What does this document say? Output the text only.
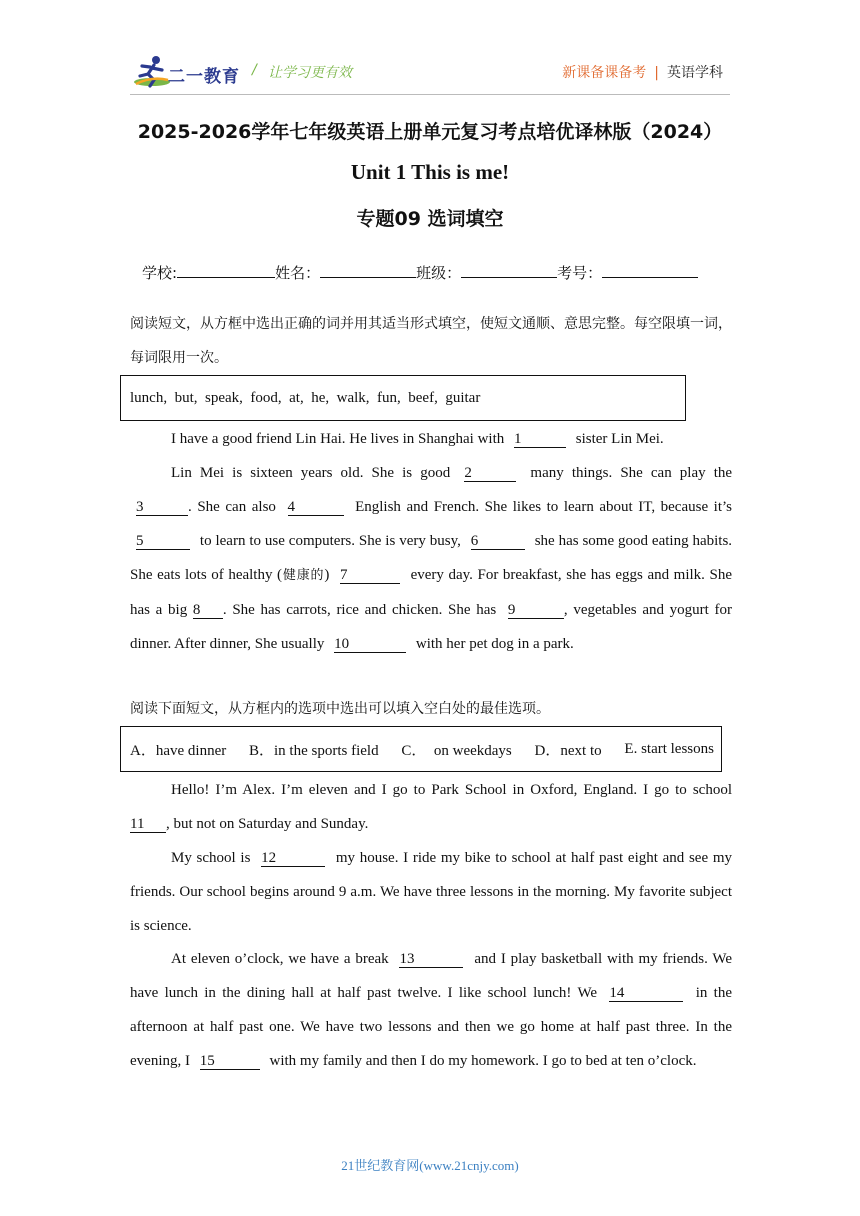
二一教育 / 让学习更有效	新课备课备考 | 英语学科
2025-2026学年七年级英语上册单元复习考点培优译林版（2024）
Unit 1 This is me!
专题09 选词填空
学校:	姓名：	班级：	考号：
阅读短文，从方框中选出正确的词并用其适当形式填空，使短文通顺、意思完整。每空限填一词，每词限用一次。
lunch,  but,  speak,  food,  at,  he,  walk,  fun,  beef,  guitar
I have a good friend Lin Hai. He lives in Shanghai with 1	sister Lin Mei.
Lin Mei is sixteen years old. She is good 2	many things. She can play the 3	. She can also 4	English and French. She likes to learn about IT, because it’s 5	to learn to use computers. She is very busy, 6	she has some good eating habits. She eats lots of healthy (健康的) 7	every day. For breakfast, she has eggs and milk. She has a big 8 . She has carrots, rice and chicken. She has 9	, vegetables and yogurt for dinner. After dinner, She usually 10	with her pet dog in a park.
阅读下面短文，从方框内的选项中选出可以填入空白处的最佳选项。
A．have dinner B．in the sports field C．  on weekdays D．next to E. start lessons
Hello! I’m Alex. I’m eleven and I go to Park School in Oxford, England. I go to school 11 , but not on Saturday and Sunday.
My school is 12	my house. I ride my bike to school at half past eight and see my friends. Our school begins around 9 a.m. We have three lessons in the morning. My favorite subject is science.
At eleven o’clock, we have a break 13	and I play basketball with my friends. We have lunch in the dining hall at half past twelve. I like school lunch! We 14	in the afternoon at half past one. We have two lessons and then we go home at half past three. In the evening, I 15	with my family and then I do my homework. I go to bed at ten o’clock.
21世纪教育网(www.21cnjy.com)
